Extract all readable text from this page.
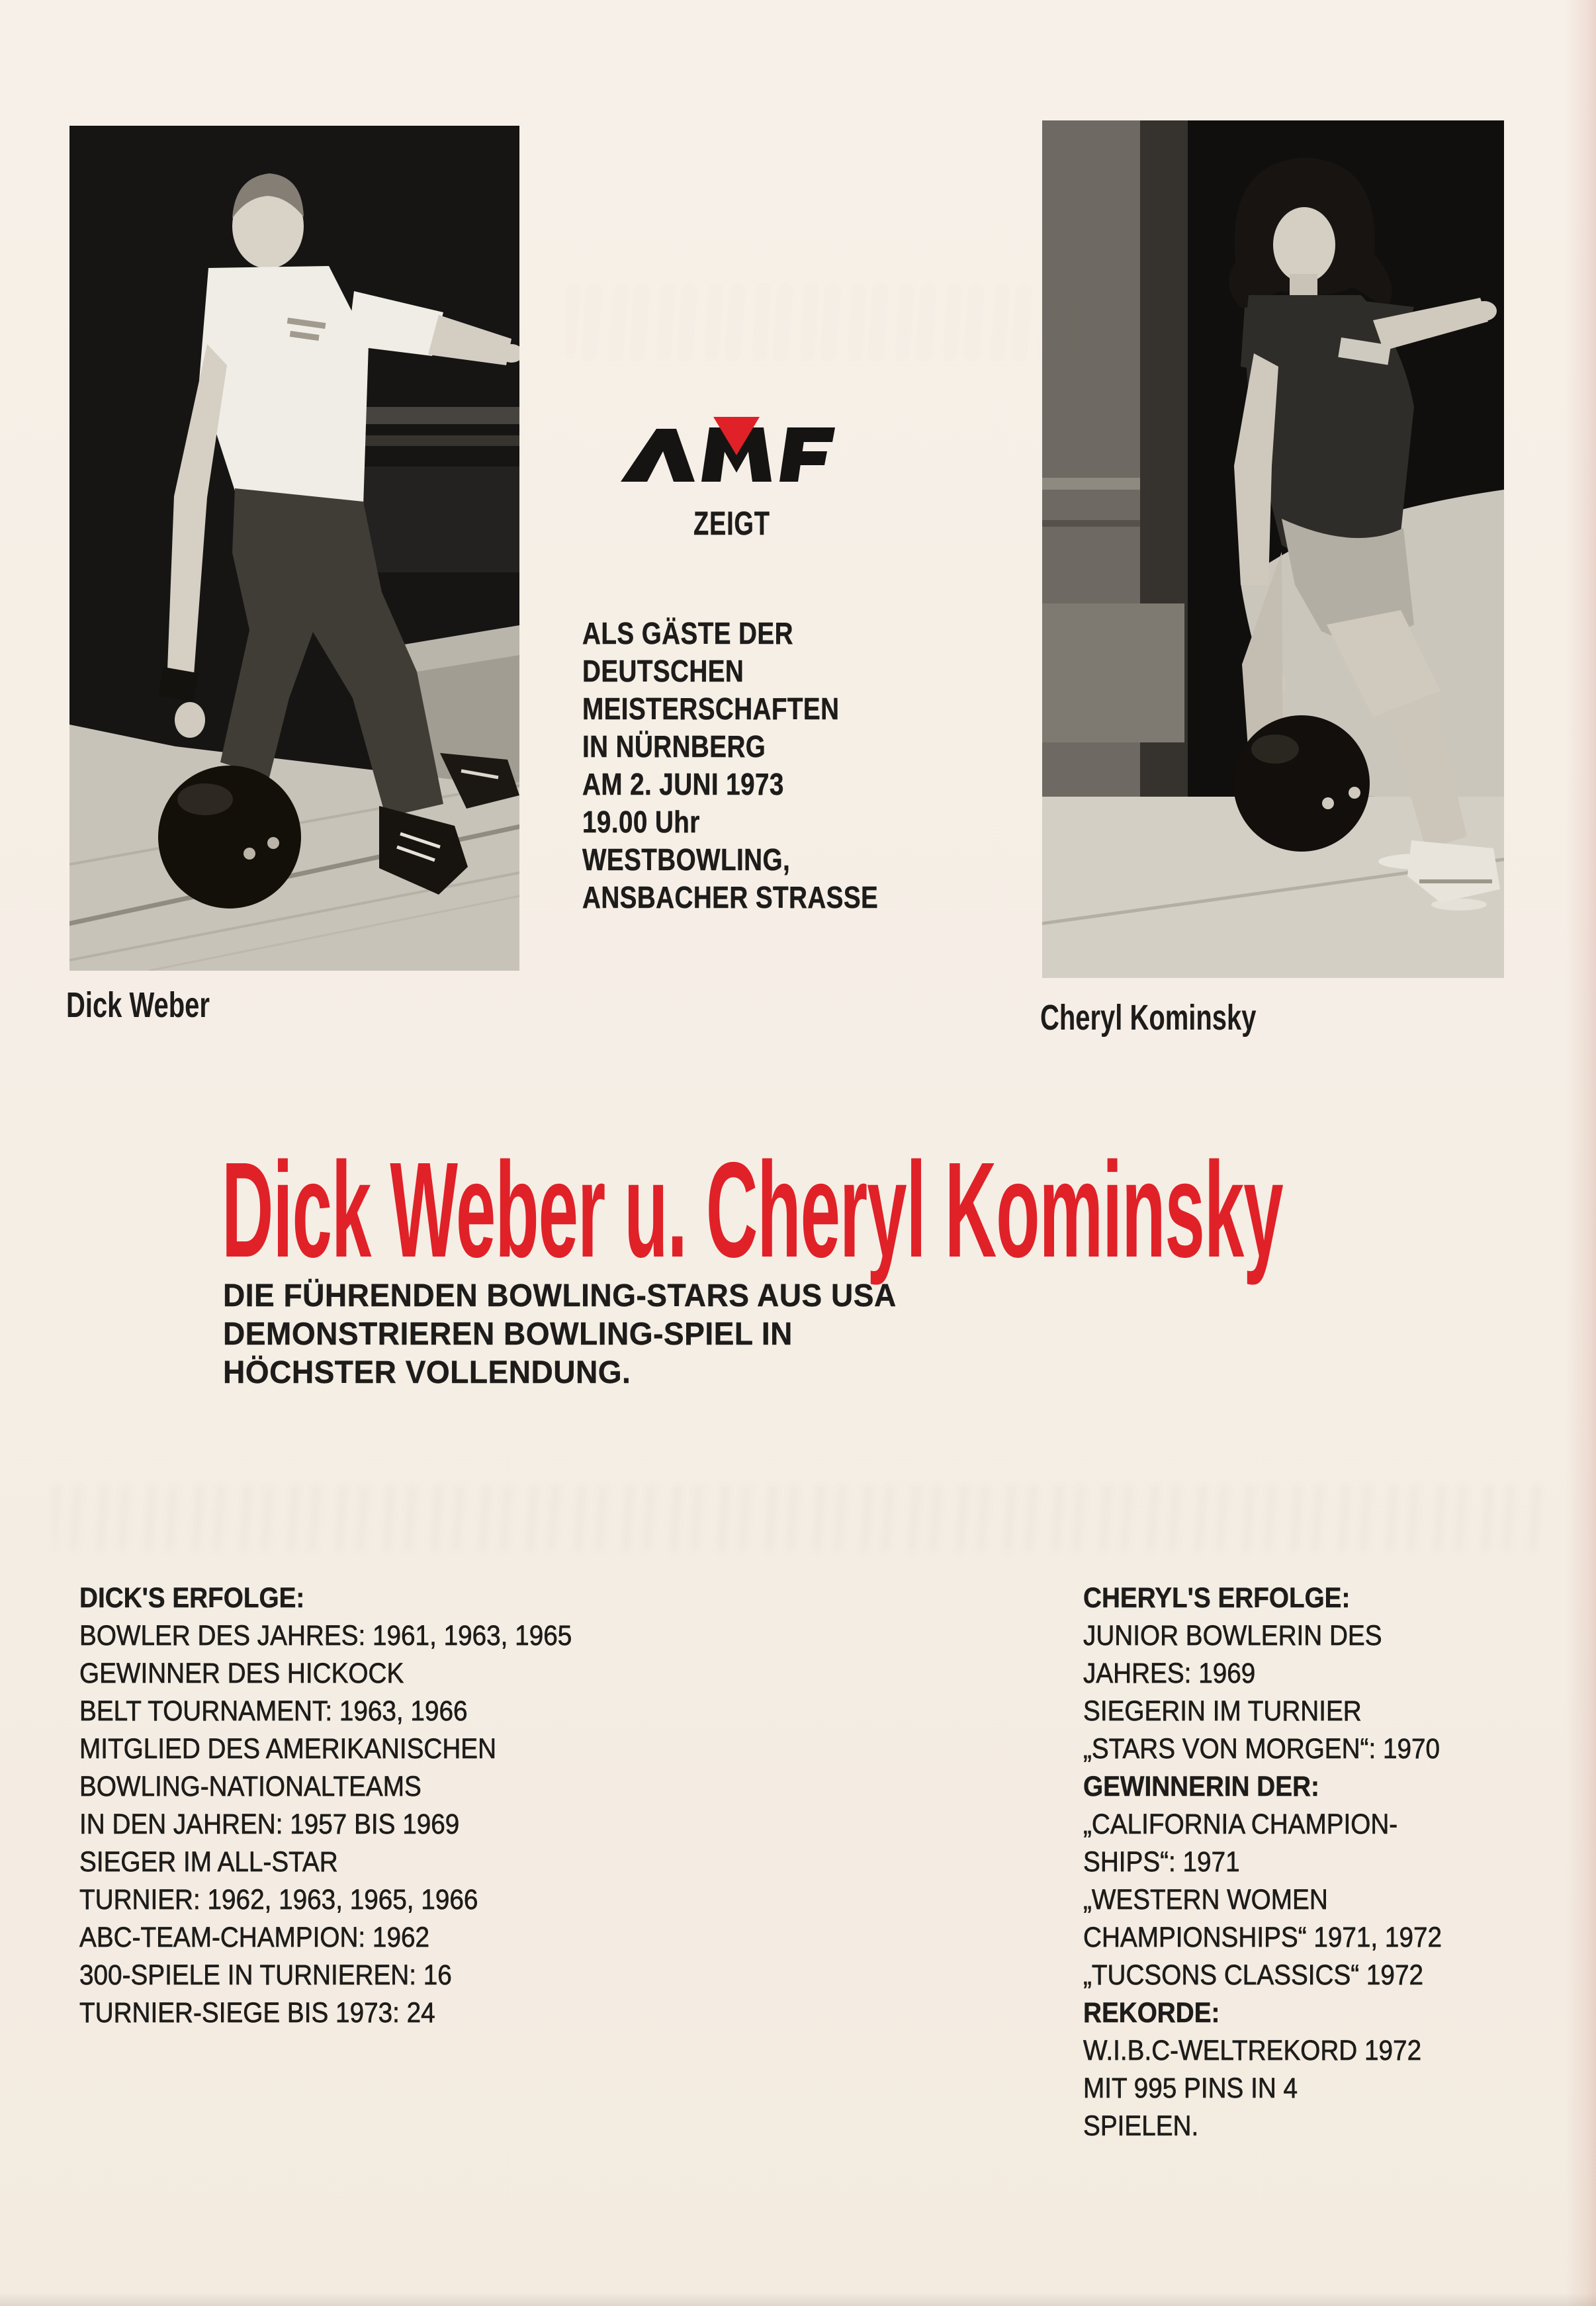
ZEIGT
ALS GÄSTE DER
DEUTSCHEN
MEISTERSCHAFTEN
IN NÜRNBERG
AM 2. JUNI 1973
19.00 Uhr
WESTBOWLING,
ANSBACHER STRASSE
Dick Weber	Cheryl Kominsky
Dick Weber u. Cheryl Kominsky
DIE FÜHRENDEN BOWLING-STARS AUS USA
DEMONSTRIEREN BOWLING-SPIEL IN
HÖCHSTER VOLLENDUNG.
DICK'S ERFOLGE:
BOWLER DES JAHRES: 1961, 1963, 1965
GEWINNER DES HICKOCK
BELT TOURNAMENT: 1963, 1966
MITGLIED DES AMERIKANISCHEN
BOWLING-NATIONALTEAMS
IN DEN JAHREN: 1957 BIS 1969
SIEGER IM ALL-STAR
TURNIER: 1962, 1963, 1965, 1966
ABC-TEAM-CHAMPION: 1962
300-SPIELE IN TURNIEREN: 16
TURNIER-SIEGE BIS 1973: 24
CHERYL'S ERFOLGE:
JUNIOR BOWLERIN DES
JAHRES: 1969
SIEGERIN IM TURNIER
„STARS VON MORGEN“: 1970
GEWINNERIN DER:
„CALIFORNIA CHAMPION-
SHIPS“: 1971
„WESTERN WOMEN
CHAMPIONSHIPS“ 1971, 1972
„TUCSONS CLASSICS“ 1972
REKORDE:
W.I.B.C-WELTREKORD 1972
MIT 995 PINS IN 4
SPIELEN.
